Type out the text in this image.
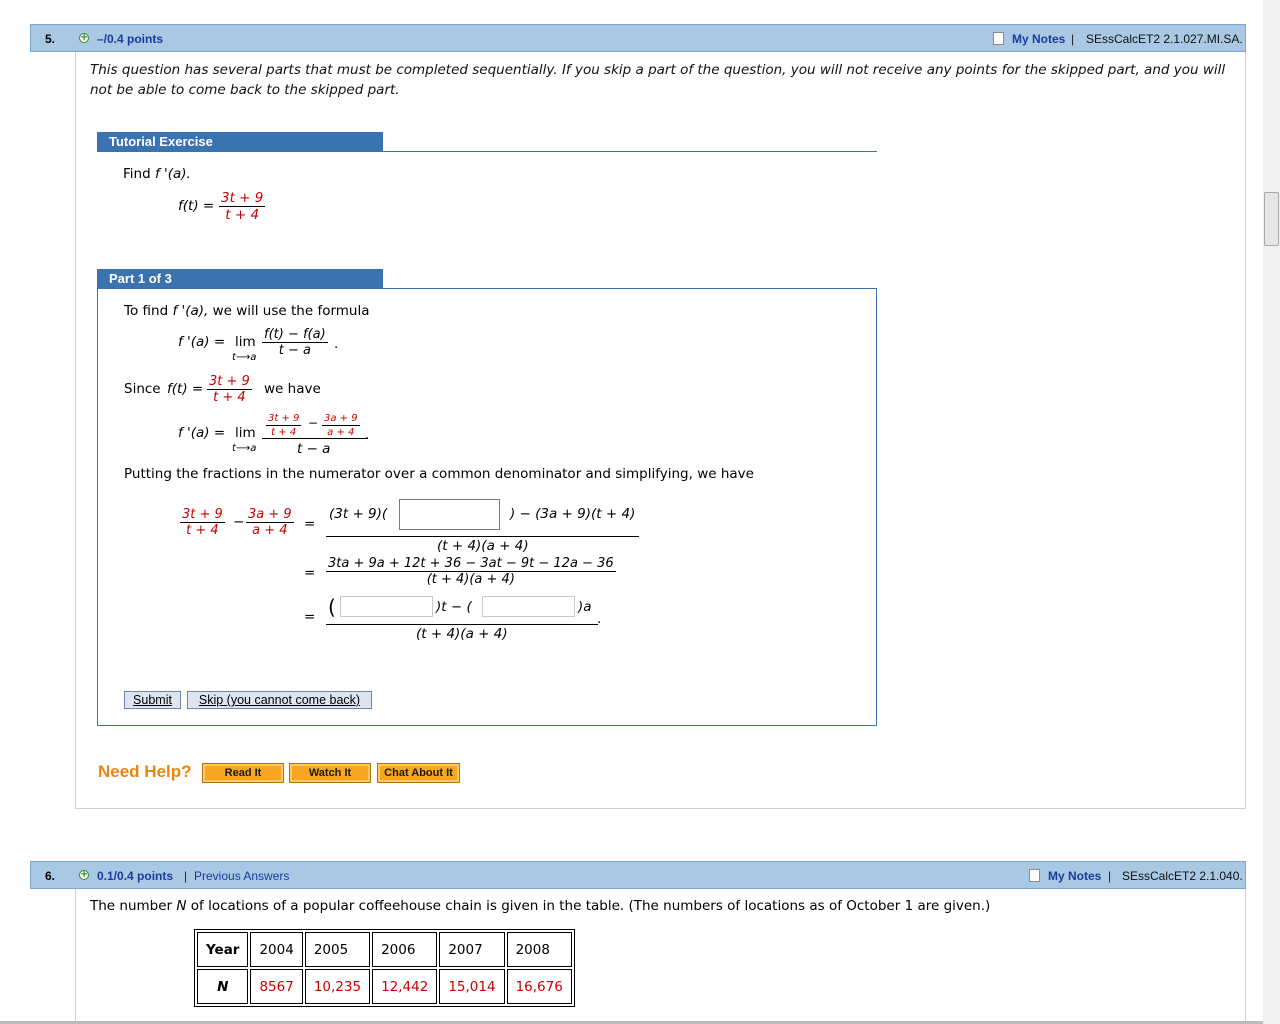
5. + –/0.4 points	My Notes | SEssCalcET2 2.1.027.MI.SA.
This question has several parts that must be completed sequentially. If you skip a part of the question, you will not receive any points for the skipped part, and you will not be able to come back to the skipped part.
Tutorial Exercise
Find f '(a).
$f(t) = \frac{3t + 9}{t + 4}$
Part 1 of 3
To find f '(a), we will use the formula
f '(a) = lim
t⟶a $\frac{f(t) - f(a)}{t - a}$ .
Since $f(t) = \frac{3t + 9}{t + 4}$ we have
f '(a) = lim
t⟶a
$\frac{3t + 9}{t + 4} - \frac{3a + 9}{a + 4}$
t − a
.
Putting the fractions in the numerator over a common denominator and simplifying, we have
$\frac{3t + 9}{t + 4} - \frac{3a + 9}{a + 4}$ =
(3t + 9)(	) − (3a + 9)(t + 4)
(t + 4)(a + 4)
= $\frac{3ta + 9a + 12t + 36 - 3at - 9t - 12a - 36}{(t + 4)(a + 4)}$
= (	)t − (	)a
.
(t + 4)(a + 4)
Submit	Skip (you cannot come back)
Need Help?	Read It	Watch It	Chat About It
6. + 0.1/0.4 points | Previous Answers	My Notes | SEssCalcET2 2.1.040.
The number N of locations of a popular coffeehouse chain is given in the table. (The numbers of locations as of October 1 are given.)
Year	2004	2005	2006	2007	2008
N	8567	10,235	12,442	15,014	16,676
